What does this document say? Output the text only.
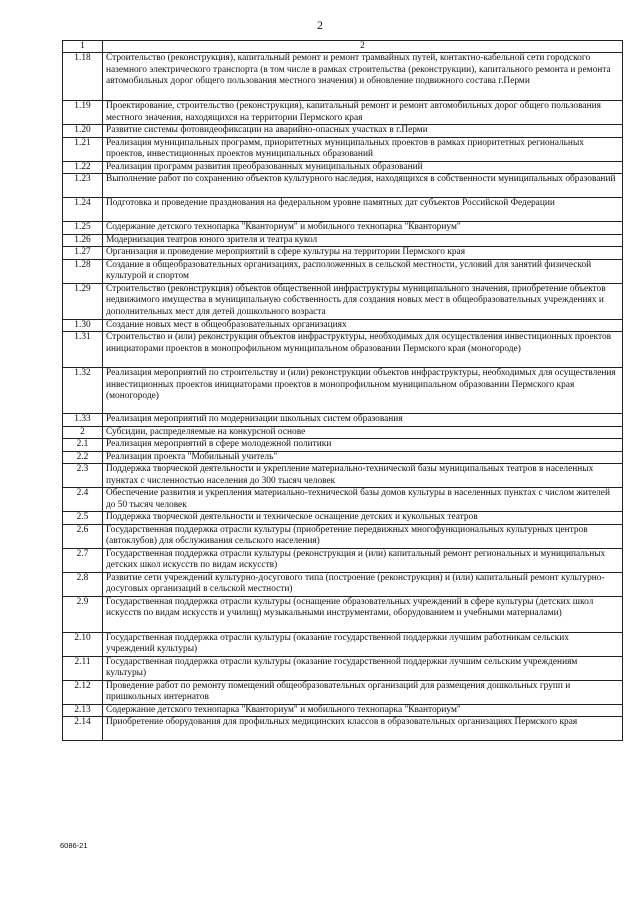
2
1	2
1.18	Строительство (реконструкция), капитальный ремонт и ремонт трамвайных путей, контактно-кабельной сети городского наземного электрического транспорта (в том числе в рамках строительства (реконструкции), капитального ремонта и ремонта автомобильных дорог общего пользования местного значения) и обновление подвижного состава г.Перми
1.19	Проектирование, строительство (реконструкция), капитальный ремонт и ремонт автомобильных дорог общего пользования местного значения, находящихся на территории Пермского края
1.20	Развитие системы фотовидеофиксации на аварийно-опасных участках в г.Перми
1.21	Реализация муниципальных программ, приоритетных муниципальных проектов в рамках приоритетных региональных проектов, инвестиционных проектов муниципальных образований
1.22	Реализация программ развития преобразованных муниципальных образований
1.23	Выполнение работ по сохранению объектов культурного наследия, находящихся в собственности муниципальных образований
1.24	Подготовка и проведение празднования на федеральном уровне памятных дат субъектов Российской Федерации
1.25	Содержание детского технопарка "Кванториум" и мобильного технопарка "Кванториум"
1.26	Модернизация театров юного зрителя и театра кукол
1.27	Организация и проведение мероприятий в сфере культуры на территории Пермского края
1.28	Создание в общеобразовательных организациях, расположенных в сельской местности, условий для занятий физической культурой и спортом
1.29	Строительство (реконструкция) объектов общественной инфраструктуры муниципального значения, приобретение объектов недвижимого имущества в муниципальную собственность для создания новых мест в общеобразовательных учреждениях и дополнительных мест для детей дошкольного возраста
1.30	Создание новых мест в общеобразовательных организациях
1.31	Строительство и (или) реконструкция объектов инфраструктуры, необходимых для осуществления инвестиционных проектов инициаторами проектов в монопрофильном муниципальном образовании Пермского края (моногороде)
1.32	Реализация мероприятий по строительству и (или) реконструкции объектов инфраструктуры, необходимых для осуществления инвестиционных проектов инициаторами проектов в монопрофильном муниципальном образовании Пермского края (моногороде)
1.33	Реализация мероприятий по модернизации школьных систем образования
2	Субсидии, распределяемые на конкурсной основе
2.1	Реализация мероприятий в сфере молодежной политики
2.2	Реализация проекта "Мобильный учитель"
2.3	Поддержка творческой деятельности и укрепление материально-технической базы муниципальных театров в населенных пунктах с численностью населения до 300 тысяч человек
2.4	Обеспечение развития и укрепления материально-технической базы домов культуры в населенных пунктах с числом жителей до 50 тысяч человек
2.5	Поддержка творческой деятельности и техническое оснащение детских и кукольных театров
2.6	Государственная поддержка отрасли культуры (приобретение передвижных многофункциональных культурных центров (автоклубов) для обслуживания сельского населения)
2.7	Государственная поддержка отрасли культуры (реконструкция и (или) капитальный ремонт региональных и муниципальных детских школ искусств по видам искусств)
2.8	Развитие сети учреждений культурно-досугового типа (построение (реконструкция) и (или) капитальный ремонт культурно-досуговых организаций в сельской местности)
2.9	Государственная поддержка отрасли культуры (оснащение образовательных учреждений в сфере культуры (детских школ искусств по видам искусств и училищ) музыкальными инструментами, оборудованием и учебными материалами)
2.10	Государственная поддержка отрасли культуры (оказание государственной поддержки лучшим работникам сельских учреждений культуры)
2.11	Государственная поддержка отрасли культуры (оказание государственной поддержки лучшим сельским учреждениям культуры)
2.12	Проведение работ по ремонту помещений общеобразовательных организаций для размещения дошкольных групп и пришкольных интернатов
2.13	Содержание детского технопарка "Кванториум" и мобильного технопарка "Кванториум"
2.14	Приобретение оборудования для профильных медицинских классов в образовательных организациях Пермского края
6086-21
